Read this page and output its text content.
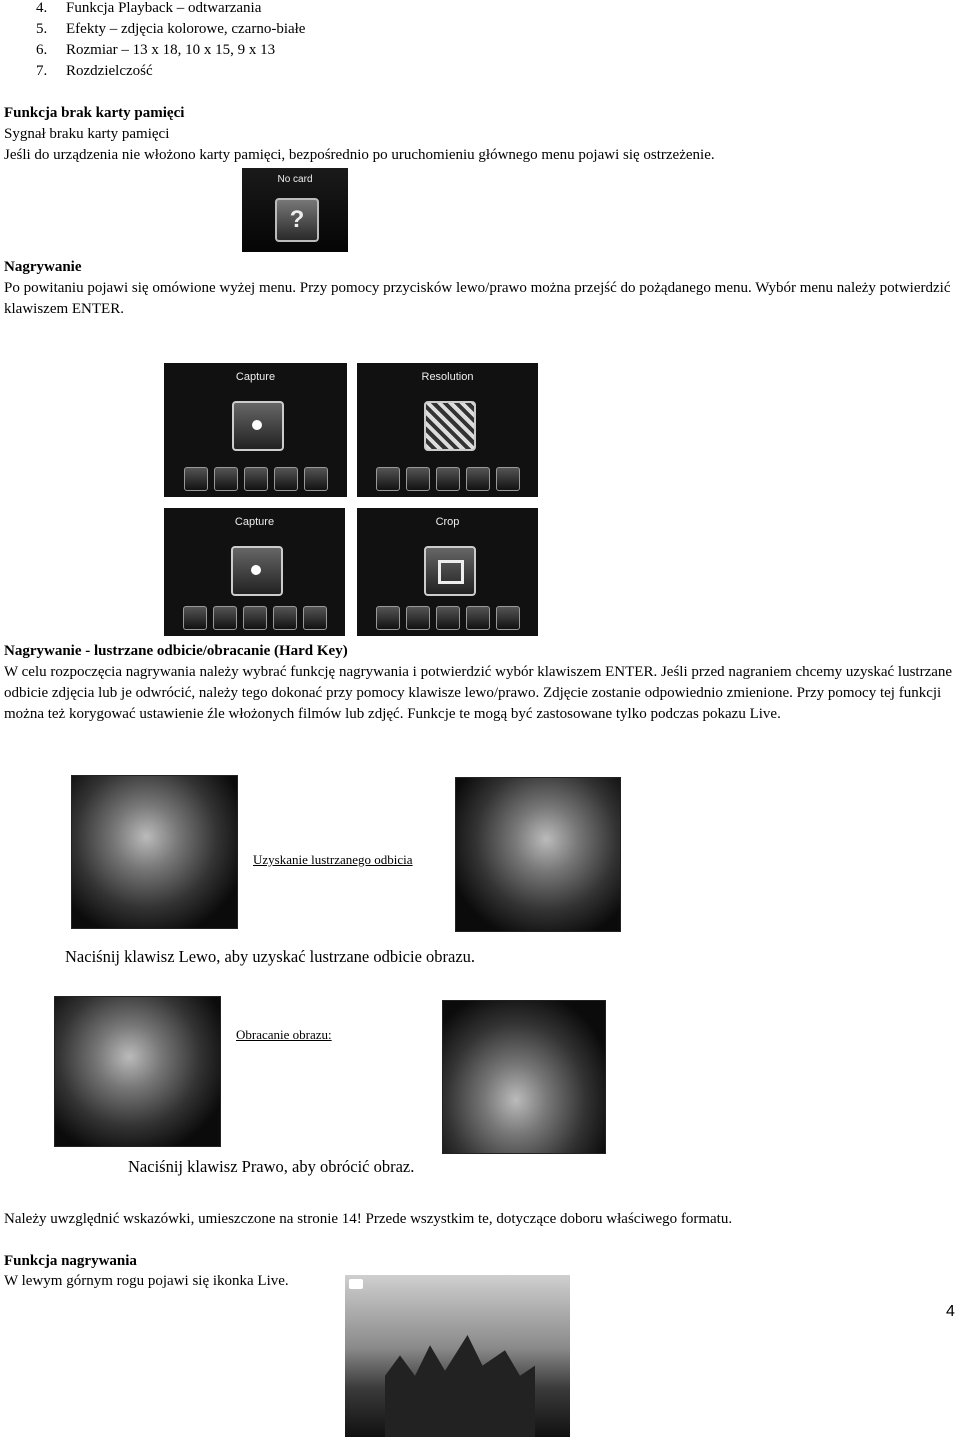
4. Funkcja Playback – odtwarzania
5. Efekty – zdjęcia kolorowe, czarno-białe
6. Rozmiar – 13 x 18, 10 x 15, 9 x 13
7. Rozdzielczość
Funkcja brak karty pamięci
Sygnał braku karty pamięci
Jeśli do urządzenia nie włożono karty pamięci, bezpośrednio po uruchomieniu głównego menu pojawi się ostrzeżenie.
No card
?
Nagrywanie
Po powitaniu pojawi się omówione wyżej menu. Przy pomocy przycisków lewo/prawo można przejść do pożądanego menu. Wybór menu należy potwierdzić klawiszem ENTER.
Capture	Resolution
Capture	Crop
Nagrywanie - lustrzane odbicie/obracanie (Hard Key)
W celu rozpoczęcia nagrywania należy wybrać funkcję nagrywania i potwierdzić wybór klawiszem ENTER. Jeśli przed nagraniem chcemy uzyskać lustrzane odbicie zdjęcia lub je odwrócić, należy tego dokonać przy pomocy klawisze lewo/prawo. Zdjęcie zostanie odpowiednio zmienione. Przy pomocy tej funkcji można też korygować ustawienie źle włożonych filmów lub zdjęć. Funkcje te mogą być zastosowane tylko podczas pokazu Live.
Uzyskanie lustrzanego odbicia
Naciśnij klawisz Lewo, aby uzyskać lustrzane odbicie obrazu.
Obracanie obrazu:
Naciśnij klawisz Prawo, aby obrócić obraz.
Należy uwzględnić wskazówki, umieszczone na stronie 14! Przede wszystkim te, dotyczące doboru właściwego formatu.
Funkcja nagrywania
W lewym górnym rogu pojawi się ikonka Live.
4
